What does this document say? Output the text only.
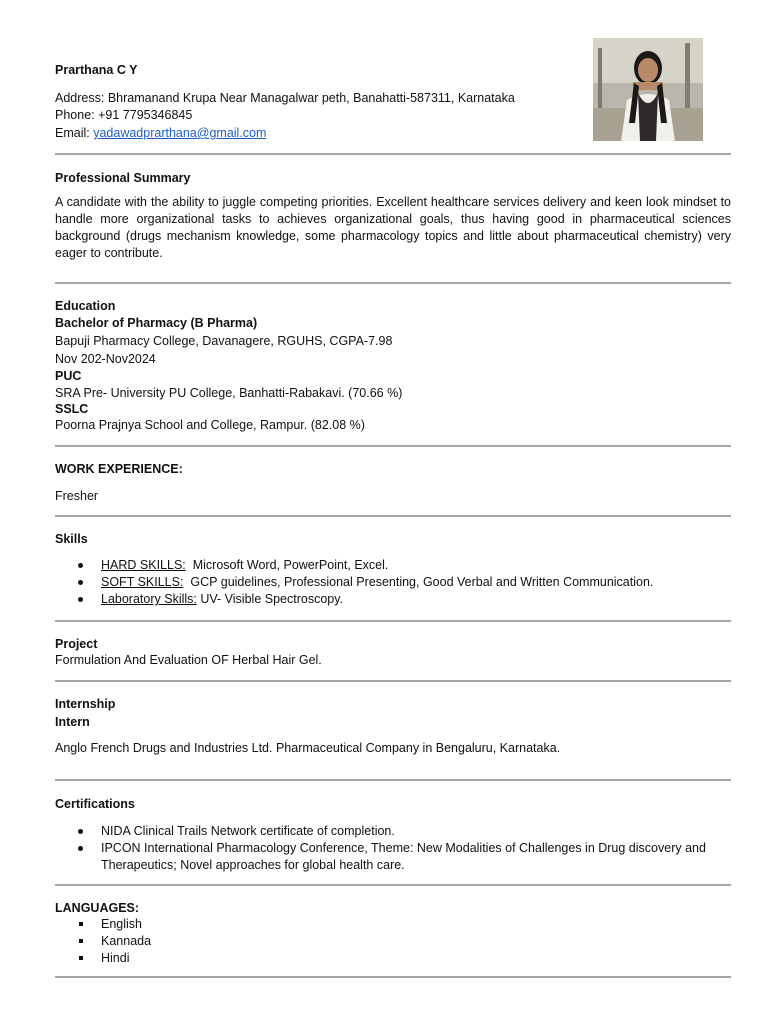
Prarthana C Y
Address: Bhramanand Krupa Near Managalwar peth, Banahatti-587311, Karnataka
Phone: +91 7795346845
Email: yadawadprarthana@gmail.com
Professional Summary
A candidate with the ability to juggle competing priorities. Excellent healthcare services delivery and keen look mindset to handle more organizational tasks to achieves organizational goals, thus having good in pharmaceutical sciences background (drugs mechanism knowledge, some pharmacology topics and little about pharmaceutical chemistry) very eager to contribute.
Education
Bachelor of Pharmacy (B Pharma)
Bapuji Pharmacy College, Davanagere, RGUHS, CGPA-7.98
Nov 202-Nov2024
PUC
SRA Pre- University PU College, Banhatti-Rabakavi. (70.66 %)
SSLC
Poorna Prajnya School and College, Rampur. (82.08 %)
WORK EXPERIENCE:
Fresher
Skills
HARD SKILLS: Microsoft Word, PowerPoint, Excel.
SOFT SKILLS: GCP guidelines, Professional Presenting, Good Verbal and Written Communication.
Laboratory Skills: UV- Visible Spectroscopy.
Project
Formulation And Evaluation OF Herbal Hair Gel.
Internship
Intern
Anglo French Drugs and Industries Ltd. Pharmaceutical Company in Bengaluru, Karnataka.
Certifications
NIDA Clinical Trails Network certificate of completion.
IPCON International Pharmacology Conference, Theme: New Modalities of Challenges in Drug discovery and Therapeutics; Novel approaches for global health care.
LANGUAGES:
English
Kannada
Hindi
